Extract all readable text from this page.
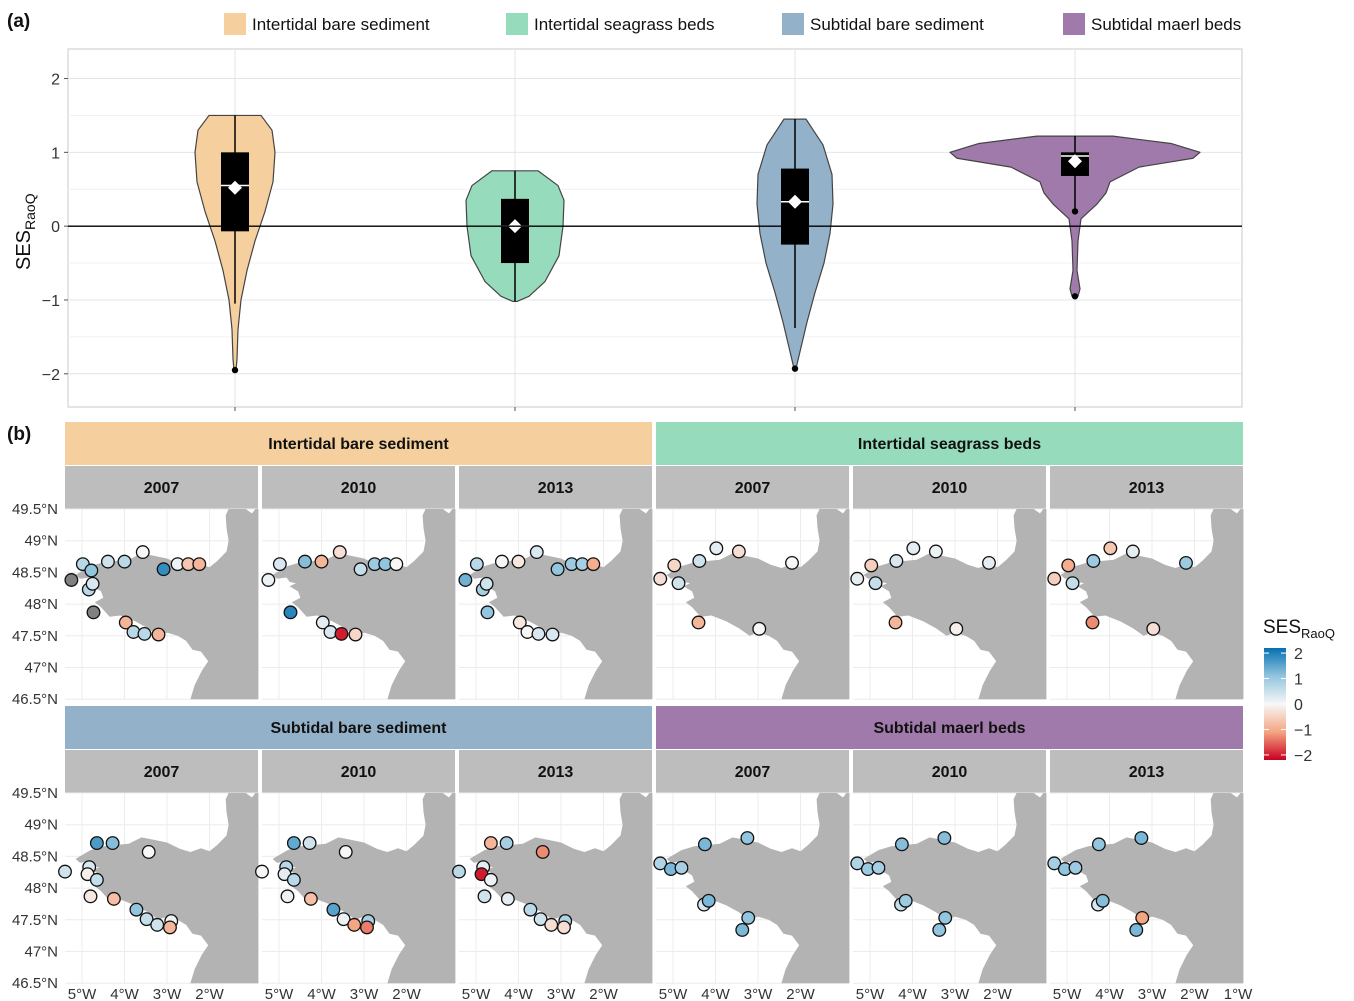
(a)
(b)
Intertidal bare sediment	Intertidal seagrass beds	Subtidal bare sediment	Subtidal maerl beds
2
1
0
−1
−2
$SES_{RaoQ}$
Intertidal bare sediment
2007	2010	2013
49.5°N
49°N
48.5°N
48°N
47.5°N
47°N
46.5°N
Intertidal seagrass beds
2007	2010	2013
Subtidal bare sediment
2007	2010	2013
49.5°N
49°N
48.5°N
48°N
47.5°N
47°N
46.5°N
Subtidal maerl beds
2007	2010	2013
5°W 4°W 3°W 2°W	5°W 4°W 3°W 2°W	5°W 4°W 3°W 2°W	5°W 4°W 3°W 2°W	5°W 4°W 3°W 2°W	5°W 4°W 3°W 2°W 1°W
$SES_{RaoQ}$
2
1
0
−1
−2
